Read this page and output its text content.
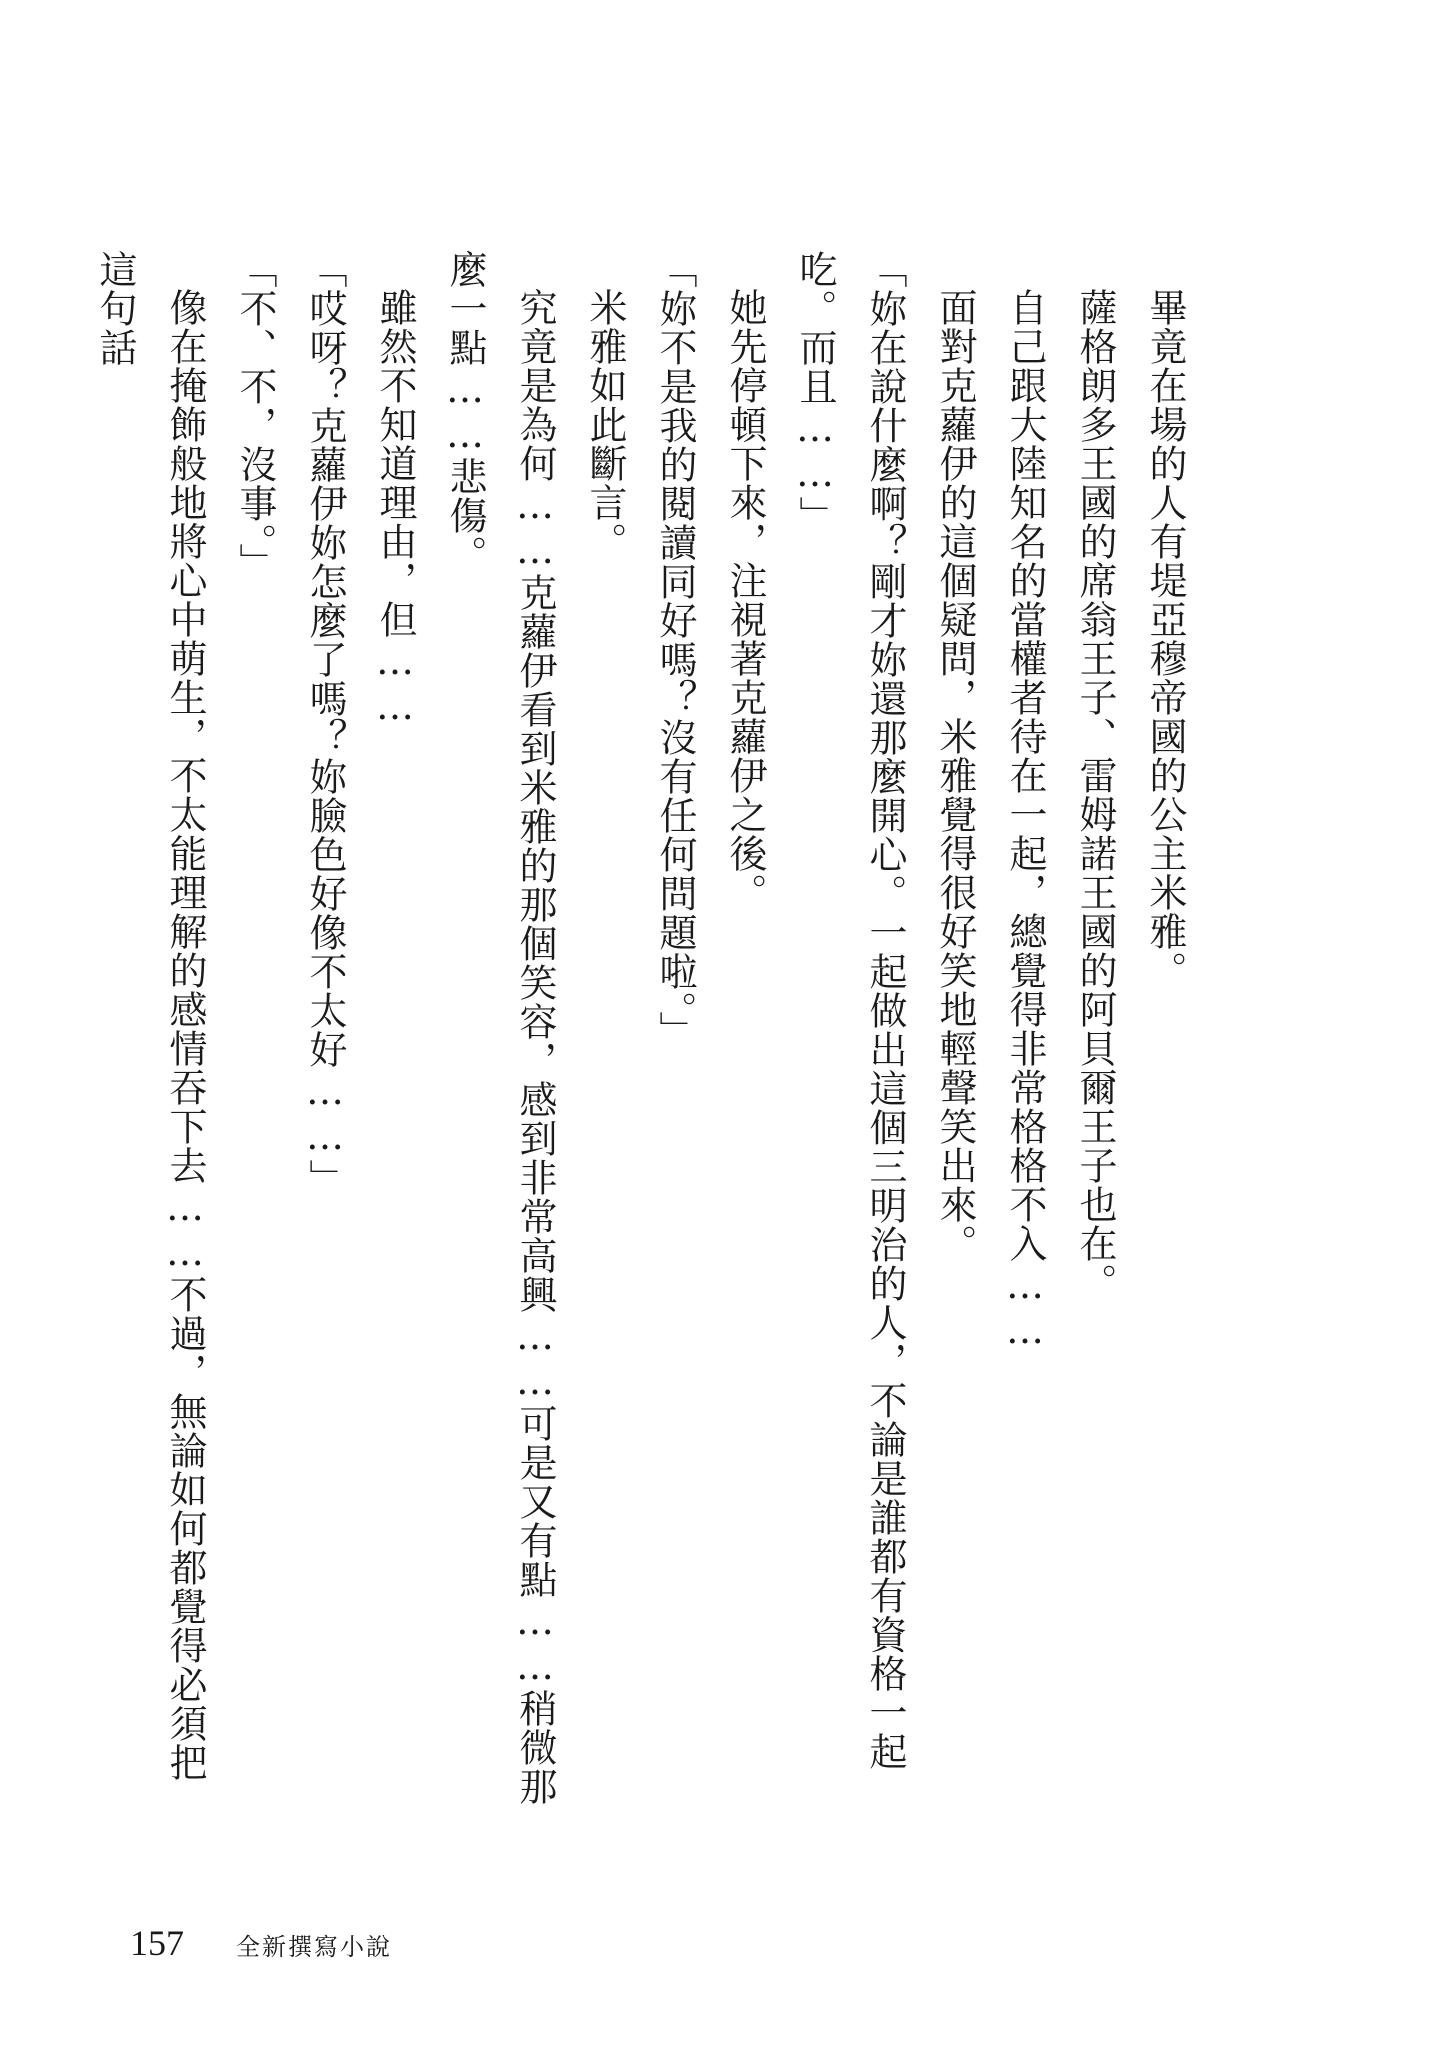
畢竟在場的人有堤亞穆帝國的公主米雅。

薩格朗多王國的席翁王子、雷姆諾王國的阿貝爾王子也在。

自己跟大陸知名的當權者待在一起，總覺得非常格格不入……

面對克蘿伊的這個疑問，米雅覺得很好笑地輕聲笑出來。

「妳在說什麼啊？剛才妳還那麼開心。一起做出這個三明治的人，不論是誰都有資格一起吃。而且……」

她先停頓下來，注視著克蘿伊之後。

「妳不是我的閱讀同好嗎？沒有任何問題啦。」

米雅如此斷言。

究竟是為何……克蘿伊看到米雅的那個笑容，感到非常高興……可是又有點……稍微那麼一點……悲傷。

雖然不知道理由，但……

「哎呀？克蘿伊妳怎麼了嗎？妳臉色好像不太好……」

「不、不，沒事。」

像在掩飾般地將心中萌生，不太能理解的感情吞下去……不過，無論如何都覺得必須把這句話

157 全新撰寫小說
